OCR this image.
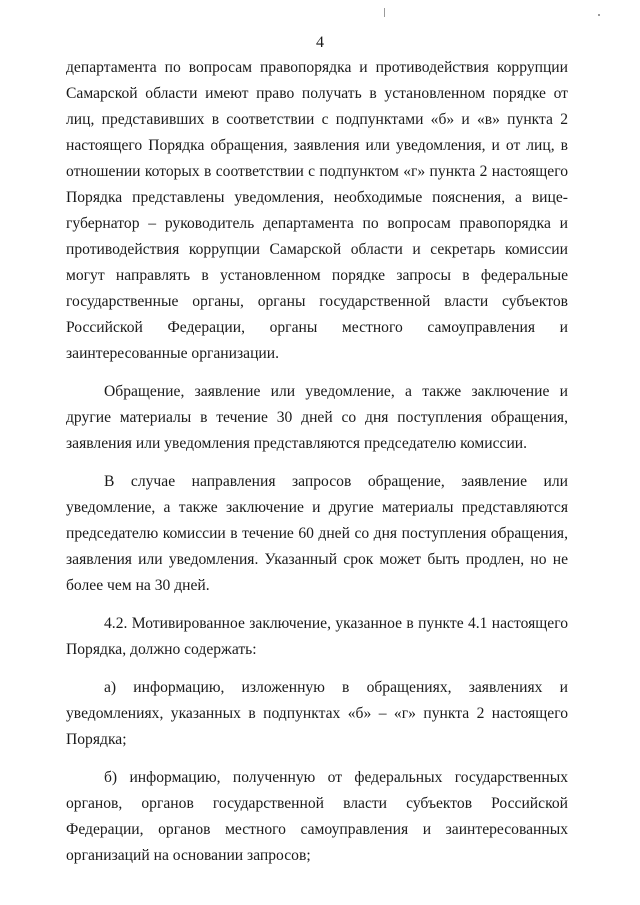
4

департамента по вопросам правопорядка и противодействия коррупции Самарской области имеют право получать в установленном порядке от лиц, представивших в соответствии с подпунктами «б» и «в» пункта 2 настоящего Порядка обращения, заявления или уведомления, и от лиц, в отношении которых в соответствии с подпунктом «г» пункта 2 настоящего Порядка представлены уведомления, необходимые пояснения, а вице-губернатор – руководитель департамента по вопросам правопорядка и противодействия коррупции Самарской области и секретарь комиссии могут направлять в установленном порядке запросы в федеральные государственные органы, органы государственной власти субъектов Российской Федерации, органы местного самоуправления и заинтересованные организации.

Обращение, заявление или уведомление, а также заключение и другие материалы в течение 30 дней со дня поступления обращения, заявления или уведомления представляются председателю комиссии.

В случае направления запросов обращение, заявление или уведомление, а также заключение и другие материалы представляются председателю комиссии в течение 60 дней со дня поступления обращения, заявления или уведомления. Указанный срок может быть продлен, но не более чем на 30 дней.

4.2. Мотивированное заключение, указанное в пункте 4.1 настоящего Порядка, должно содержать:

а) информацию, изложенную в обращениях, заявлениях и уведомлениях, указанных в подпунктах «б» – «г» пункта 2 настоящего Порядка;

б) информацию, полученную от федеральных государственных органов, органов государственной власти субъектов Российской Федерации, органов местного самоуправления и заинтересованных организаций на основании запросов;
